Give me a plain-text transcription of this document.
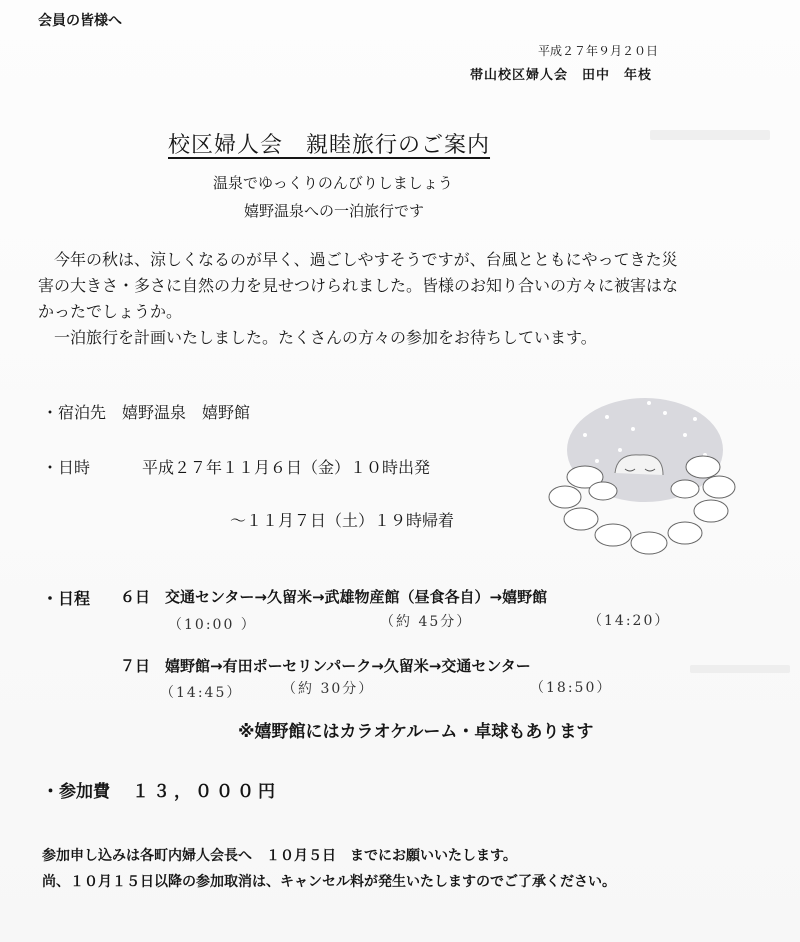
会員の皆様へ
平成２７年９月２０日
帯山校区婦人会　田中　年枝
校区婦人会　親睦旅行のご案内
温泉でゆっくりのんびりしましょう
嬉野温泉への一泊旅行です

今年の秋は、涼しくなるのが早く、過ごしやすそうですが、台風とともにやってきた災害の大きさ・多さに自然の力を見せつけられました。皆様のお知り合いの方々に被害はなかったでしょうか。

一泊旅行を計画いたしました。たくさんの方々の参加をお待ちしています。

・宿泊先　嬉野温泉　嬉野館
・日時	平成２７年１１月６日（金）１０時出発
～１１月７日（土）１９時帰着
・日程 ６日　交通センター→久留米→武雄物産館（昼食各自）→嬉野館
（10:00 ）	（約 45分）	（14:20）
７日　嬉野館→有田ポーセリンパーク→久留米→交通センター
（14:45）	（約 30分）	（18:50）
※嬉野館にはカラオケルーム・卓球もあります
・参加費 １３，０００円

参加申し込みは各町内婦人会長へ　１０月５日　までにお願いいたします。

尚、１０月１５日以降の参加取消は、キャンセル料が発生いたしますのでご了承ください。
